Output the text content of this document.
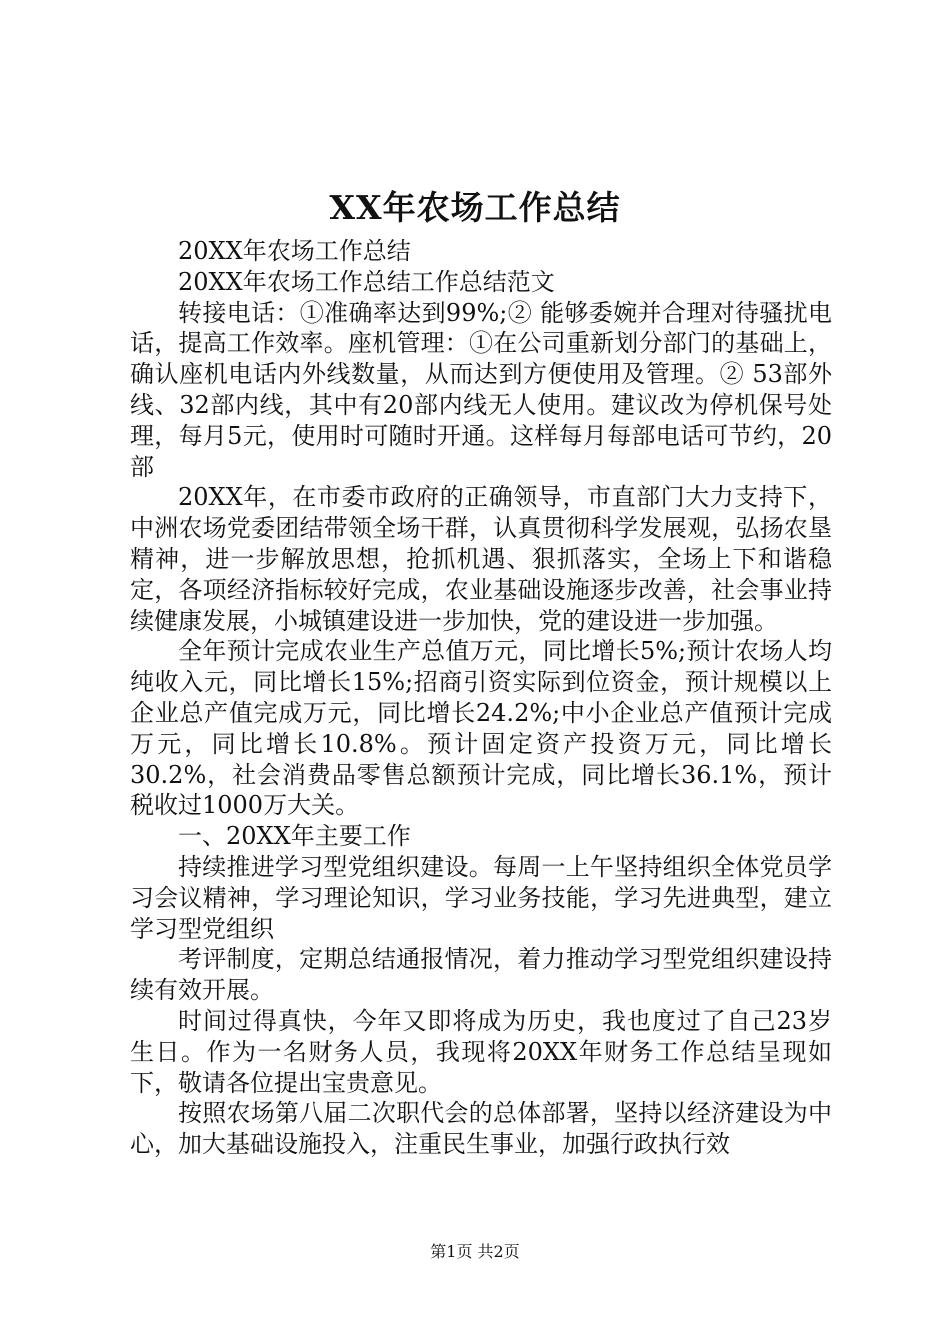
XX年农场工作总结

20XX年农场工作总结

20XX年农场工作总结工作总结范文

转接电话：①准确率达到99%;② 能够委婉并合理对待骚扰电话，提高工作效率。座机管理：①在公司重新划分部门的基础上，确认座机电话内外线数量，从而达到方便使用及管理。② 53部外线、32部内线，其中有20部内线无人使用。建议改为停机保号处理，每月5元，使用时可随时开通。这样每月每部电话可节约，20部

20XX年，在市委市政府的正确领导，市直部门大力支持下，中洲农场党委团结带领全场干群，认真贯彻科学发展观，弘扬农垦精神，进一步解放思想，抢抓机遇、狠抓落实，全场上下和谐稳定，各项经济指标较好完成，农业基础设施逐步改善，社会事业持续健康发展，小城镇建设进一步加快，党的建设进一步加强。

全年预计完成农业生产总值万元，同比增长5%;预计农场人均纯收入元，同比增长15%;招商引资实际到位资金，预计规模以上企业总产值完成万元，同比增长24.2%;中小企业总产值预计完成万元，同比增长10.8%。预计固定资产投资万元，同比增长30.2%，社会消费品零售总额预计完成，同比增长36.1%，预计税收过1000万大关。

一、20XX年主要工作

持续推进学习型党组织建设。每周一上午坚持组织全体党员学习会议精神，学习理论知识，学习业务技能，学习先进典型，建立学习型党组织

考评制度，定期总结通报情况，着力推动学习型党组织建设持续有效开展。

时间过得真快，今年又即将成为历史，我也度过了自己23岁生日。作为一名财务人员，我现将20XX年财务工作总结呈现如下，敬请各位提出宝贵意见。

按照农场第八届二次职代会的总体部署，坚持以经济建设为中心，加大基础设施投入，注重民生事业，加强行政执行效

第1页 共2页
